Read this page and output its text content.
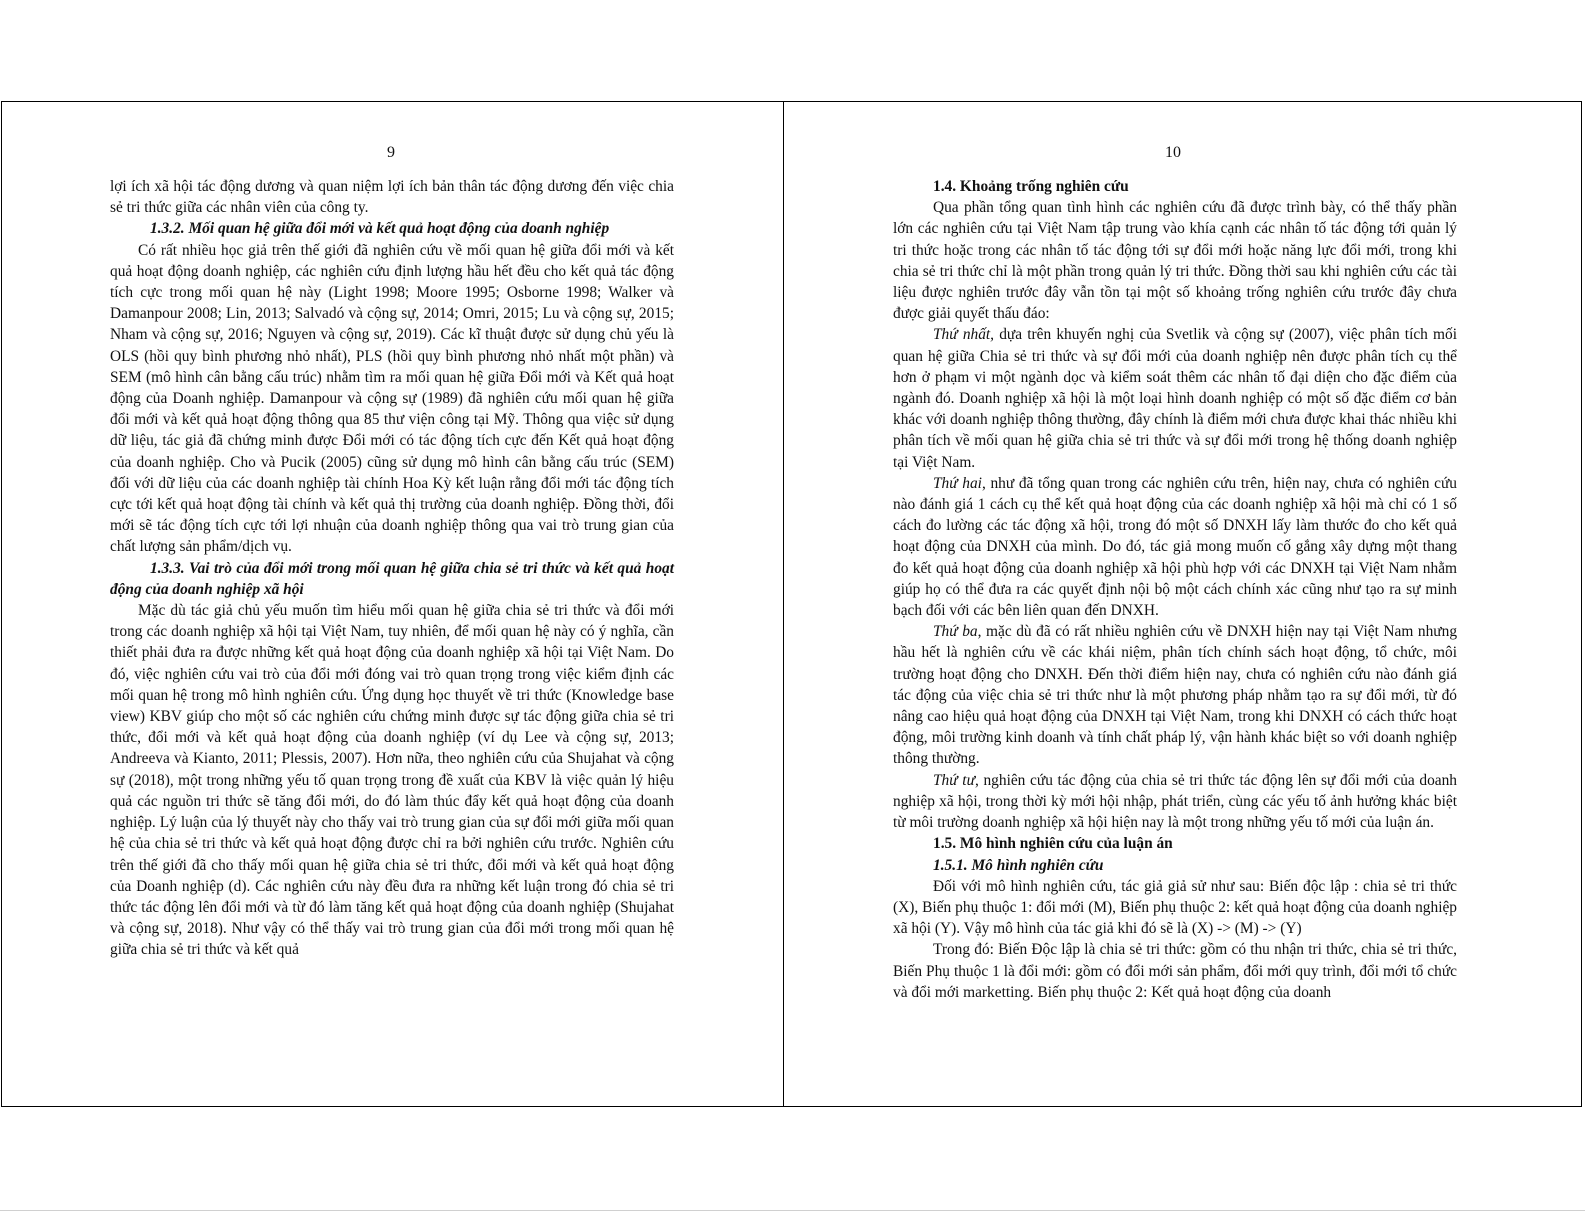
9

lợi ích xã hội tác động dương và quan niệm lợi ích bản thân tác động dương đến việc chia sẻ tri thức giữa các nhân viên của công ty.

1.3.2. Mối quan hệ giữa đổi mới và kết quả hoạt động của doanh nghiệp

Có rất nhiều học giả trên thế giới đã nghiên cứu về mối quan hệ giữa đổi mới và kết quả hoạt động doanh nghiệp, các nghiên cứu định lượng hầu hết đều cho kết quả tác động tích cực trong mối quan hệ này (Light 1998; Moore 1995; Osborne 1998; Walker và Damanpour 2008; Lin, 2013; Salvadó và cộng sự, 2014; Omri, 2015; Lu và cộng sự, 2015; Nham và cộng sự, 2016; Nguyen và cộng sự, 2019). Các kĩ thuật được sử dụng chủ yếu là OLS (hồi quy bình phương nhỏ nhất), PLS (hồi quy bình phương nhỏ nhất một phần) và SEM (mô hình cân bằng cấu trúc) nhằm tìm ra mối quan hệ giữa Đổi mới và Kết quả hoạt động của Doanh nghiệp. Damanpour và cộng sự (1989) đã nghiên cứu mối quan hệ giữa đổi mới và kết quả hoạt động thông qua 85 thư viện công tại Mỹ. Thông qua việc sử dụng dữ liệu, tác giả đã chứng minh được Đổi mới có tác động tích cực đến Kết quả hoạt động của doanh nghiệp. Cho và Pucik (2005) cũng sử dụng mô hình cân bằng cấu trúc (SEM) đối với dữ liệu của các doanh nghiệp tài chính Hoa Kỳ kết luận rằng đổi mới tác động tích cực tới kết quả hoạt động tài chính và kết quả thị trường của doanh nghiệp. Đồng thời, đổi mới sẽ tác động tích cực tới lợi nhuận của doanh nghiệp thông qua vai trò trung gian của chất lượng sản phẩm/dịch vụ.

1.3.3. Vai trò của đổi mới trong mối quan hệ giữa chia sẻ tri thức và kết quả hoạt động của doanh nghiệp xã hội

Mặc dù tác giả chủ yếu muốn tìm hiểu mối quan hệ giữa chia sẻ tri thức và đổi mới trong các doanh nghiệp xã hội tại Việt Nam, tuy nhiên, để mối quan hệ này có ý nghĩa, cần thiết phải đưa ra được những kết quả hoạt động của doanh nghiệp xã hội tại Việt Nam. Do đó, việc nghiên cứu vai trò của đổi mới đóng vai trò quan trọng trong việc kiểm định các mối quan hệ trong mô hình nghiên cứu. Ứng dụng học thuyết về tri thức (Knowledge base view) KBV giúp cho một số các nghiên cứu chứng minh được sự tác động giữa chia sẻ tri thức, đổi mới và kết quả hoạt động của doanh nghiệp (ví dụ Lee và cộng sự, 2013; Andreeva và Kianto, 2011; Plessis, 2007). Hơn nữa, theo nghiên cứu của Shujahat và cộng sự (2018), một trong những yếu tố quan trọng trong đề xuất của KBV là việc quản lý hiệu quả các nguồn tri thức sẽ tăng đổi mới, do đó làm thúc đẩy kết quả hoạt động của doanh nghiệp. Lý luận của lý thuyết này cho thấy vai trò trung gian của sự đổi mới giữa mối quan hệ của chia sẻ tri thức và kết quả hoạt động được chỉ ra bởi nghiên cứu trước. Nghiên cứu trên thế giới đã cho thấy mối quan hệ giữa chia sẻ tri thức, đổi mới và kết quả hoạt động của Doanh nghiệp (d). Các nghiên cứu này đều đưa ra những kết luận trong đó chia sẻ tri thức tác động lên đổi mới và từ đó làm tăng kết quả hoạt động của doanh nghiệp (Shujahat và cộng sự, 2018). Như vậy có thể thấy vai trò trung gian của đổi mới trong mối quan hệ giữa chia sẻ tri thức và kết quả

10

1.4. Khoảng trống nghiên cứu

Qua phần tổng quan tình hình các nghiên cứu đã được trình bày, có thể thấy phần lớn các nghiên cứu tại Việt Nam tập trung vào khía cạnh các nhân tố tác động tới quản lý tri thức hoặc trong các nhân tố tác động tới sự đổi mới hoặc năng lực đổi mới, trong khi chia sẻ tri thức chỉ là một phần trong quản lý tri thức. Đồng thời sau khi nghiên cứu các tài liệu được nghiên trước đây vẫn tồn tại một số khoảng trống nghiên cứu trước đây chưa được giải quyết thấu đáo:

Thứ nhất, dựa trên khuyến nghị của Svetlik và cộng sự (2007), việc phân tích mối quan hệ giữa Chia sẻ tri thức và sự đổi mới của doanh nghiệp nên được phân tích cụ thể hơn ở phạm vi một ngành dọc và kiểm soát thêm các nhân tố đại diện cho đặc điểm của ngành đó. Doanh nghiệp xã hội là một loại hình doanh nghiệp có một số đặc điểm cơ bản khác với doanh nghiệp thông thường, đây chính là điểm mới chưa được khai thác nhiều khi phân tích về mối quan hệ giữa chia sẻ tri thức và sự đổi mới trong hệ thống doanh nghiệp tại Việt Nam.

Thứ hai, như đã tổng quan trong các nghiên cứu trên, hiện nay, chưa có nghiên cứu nào đánh giá 1 cách cụ thể kết quả hoạt động của các doanh nghiệp xã hội mà chỉ có 1 số cách đo lường các tác động xã hội, trong đó một số DNXH lấy làm thước đo cho kết quả hoạt động của DNXH của mình. Do đó, tác giả mong muốn cố gắng xây dựng một thang đo kết quả hoạt động của doanh nghiệp xã hội phù hợp với các DNXH tại Việt Nam nhằm giúp họ có thể đưa ra các quyết định nội bộ một cách chính xác cũng như tạo ra sự minh bạch đối với các bên liên quan đến DNXH.

Thứ ba, mặc dù đã có rất nhiều nghiên cứu về DNXH hiện nay tại Việt Nam nhưng hầu hết là nghiên cứu về các khái niệm, phân tích chính sách hoạt động, tổ chức, môi trường hoạt động cho DNXH. Đến thời điểm hiện nay, chưa có nghiên cứu nào đánh giá tác động của việc chia sẻ tri thức như là một phương pháp nhằm tạo ra sự đổi mới, từ đó nâng cao hiệu quả hoạt động của DNXH tại Việt Nam, trong khi DNXH có cách thức hoạt động, môi trường kinh doanh và tính chất pháp lý, vận hành khác biệt so với doanh nghiệp thông thường.

Thứ tư, nghiên cứu tác động của chia sẻ tri thức tác động lên sự đổi mới của doanh nghiệp xã hội, trong thời kỳ mới hội nhập, phát triển, cùng các yếu tố ảnh hưởng khác biệt từ môi trường doanh nghiệp xã hội hiện nay là một trong những yếu tố mới của luận án.

1.5. Mô hình nghiên cứu của luận án

1.5.1. Mô hình nghiên cứu

Đối với mô hình nghiên cứu, tác giả giả sử như sau: Biến độc lập : chia sẻ tri thức (X), Biến phụ thuộc 1: đổi mới (M), Biến phụ thuộc 2: kết quả hoạt động của doanh nghiệp xã hội (Y). Vậy mô hình của tác giả khi đó sẽ là (X) -> (M) -> (Y)

Trong đó: Biến Độc lập là chia sẻ tri thức: gồm có thu nhận tri thức, chia sẻ tri thức, Biến Phụ thuộc 1 là đổi mới: gồm có đổi mới sản phẩm, đổi mới quy trình, đổi mới tổ chức và đổi mới marketting. Biến phụ thuộc 2: Kết quả hoạt động của doanh
